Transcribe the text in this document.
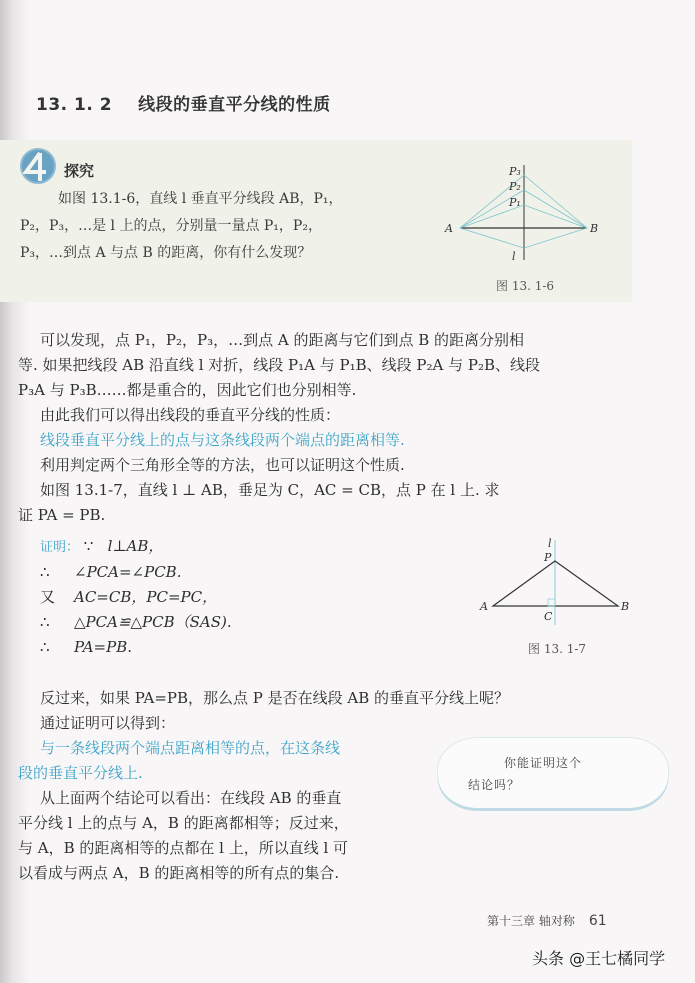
13. 1. 2 线段的垂直平分线的性质
探究

如图 13.1-6，直线 l 垂直平分线段 AB，P₁，

P₂，P₃，…是 l 上的点，分别量一量点 P₁，P₂，

P₃，…到点 A 与点 B 的距离，你有什么发现？

A	B
P₃
P₂
P₁
l
图 13. 1-6

可以发现，点 P₁，P₂，P₃，…到点 A 的距离与它们到点 B 的距离分别相

等. 如果把线段 AB 沿直线 l 对折，线段 P₁A 与 P₁B、线段 P₂A 与 P₂B、线段

P₃A 与 P₃B……都是重合的，因此它们也分别相等.

由此我们可以得出线段的垂直平分线的性质：

线段垂直平分线上的点与这条线段两个端点的距离相等.

利用判定两个三角形全等的方法，也可以证明这个性质.

如图 13.1-7，直线 l ⊥ AB，垂足为 C，AC = CB，点 P 在 l 上. 求

证 PA = PB.

证明： ∵ l⊥AB，

∴ ∠PCA=∠PCB.

又 AC=CB，PC=PC，

∴ △PCA≌△PCB（SAS).

∴ PA=PB.

A	B
C
P
l
图 13. 1-7

反过来，如果 PA=PB，那么点 P 是否在线段 AB 的垂直平分线上呢？

通过证明可以得到：

与一条线段两个端点距离相等的点，在这条线

段的垂直平分线上.

从上面两个结论可以看出：在线段 AB 的垂直

平分线 l 上的点与 A，B 的距离都相等；反过来，

与 A，B 的距离相等的点都在 l 上，所以直线 l 可

以看成与两点 A，B 的距离相等的所有点的集合.

你能证明这个

结论吗？

第十三章 轴对称 61
头条 @王七橘同学
